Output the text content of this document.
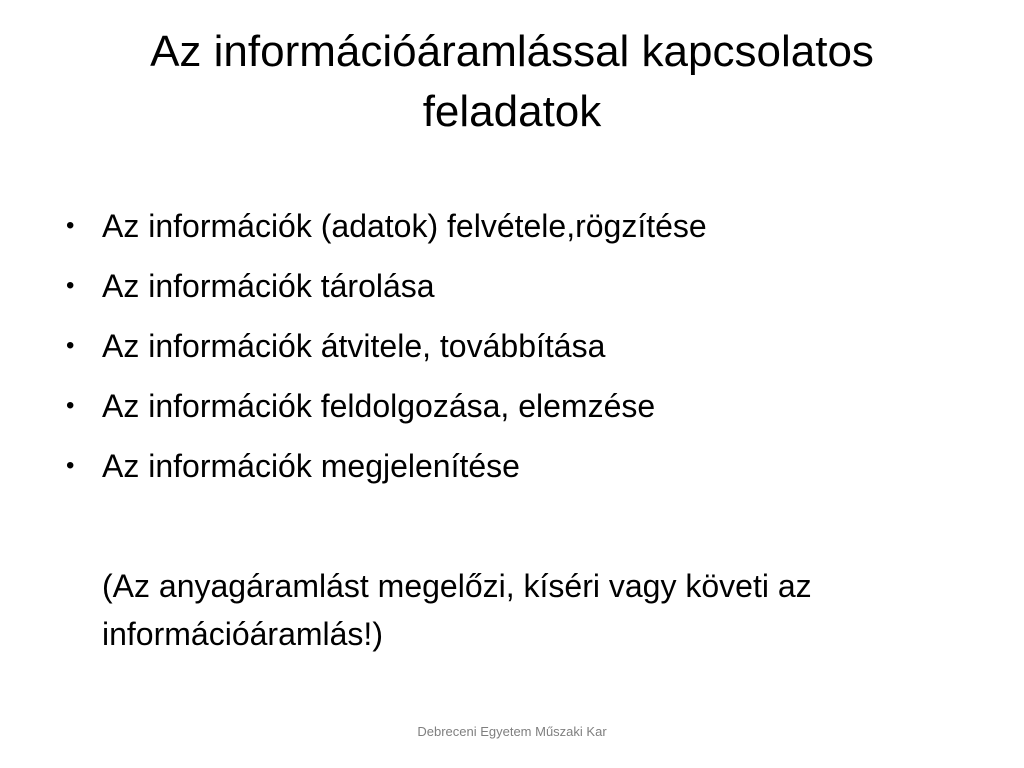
Az információáramlással kapcsolatos feladatok
• Az információk (adatok) felvétele,rögzítése
• Az információk tárolása
• Az információk átvitele, továbbítása
• Az információk feldolgozása, elemzése
• Az információk megjelenítése

(Az anyagáramlást megelőzi, kíséri vagy követi az információáramlás!)

Debreceni Egyetem Műszaki Kar
